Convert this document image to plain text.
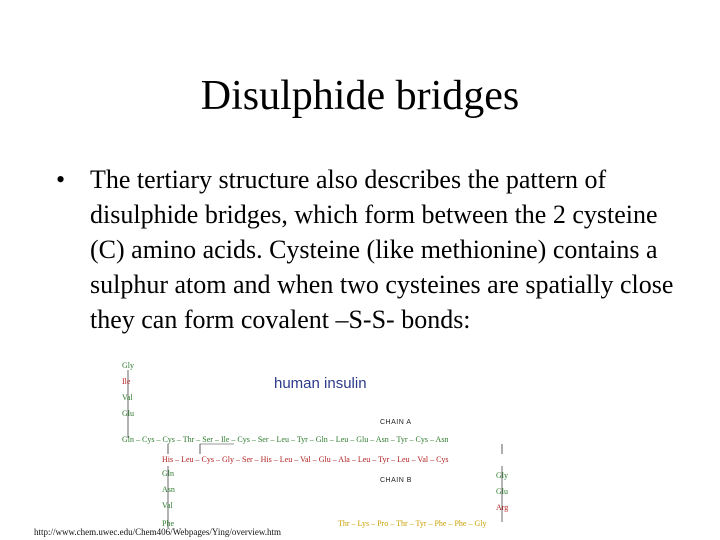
Disulphide bridges
• The tertiary structure also describes the pattern of disulphide bridges, which form between the 2 cysteine (C) amino acids. Cysteine (like methionine) contains a sulphur atom and when two cysteines are spatially close they can form covalent –S-S- bonds:
Gly
Ile
Val
Glu
human insulin
CHAIN A
Gln – Cys – Cys – Thr – Ser – Ile – Cys – Ser – Leu – Tyr – Gln – Leu – Glu – Asn – Tyr – Cys – Asn
His – Leu – Cys – Gly – Ser – His – Leu – Val – Glu – Ala – Leu – Tyr – Leu – Val – Cys
CHAIN B
Gln
Asn
Val
Phe
Gly
Glu
Arg
Thr – Lys – Pro – Thr – Tyr – Phe – Phe – Gly
http://www.chem.uwec.edu/Chem406/Webpages/Ying/overview.htm
